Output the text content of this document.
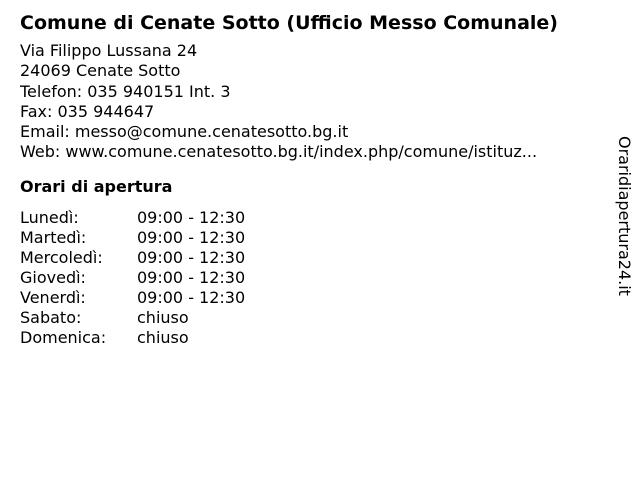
Comune di Cenate Sotto (Ufficio Messo Comunale)
Via Filippo Lussana 24
24069 Cenate Sotto
Telefon: 035 940151 Int. 3
Fax: 035 944647
Email: messo@comune.cenatesotto.bg.it
Web: www.comune.cenatesotto.bg.it/index.php/comune/istituz...
Orari di apertura
Lunedì:	09:00 - 12:30
Martedì:	09:00 - 12:30
Mercoledì:	09:00 - 12:30
Giovedì:	09:00 - 12:30
Venerdì:	09:00 - 12:30
Sabato:	chiuso
Domenica:	chiuso
Oraridiapertura24.it
